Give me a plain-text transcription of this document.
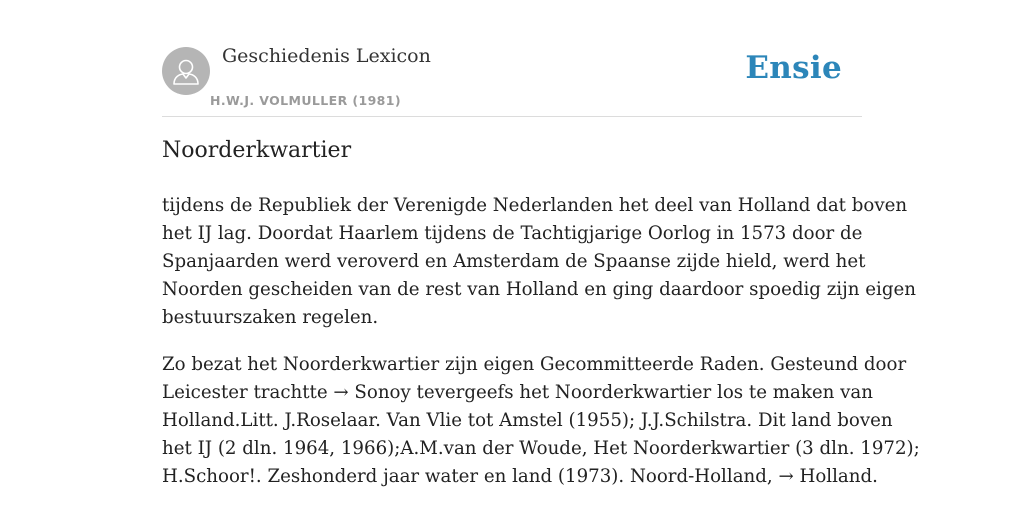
Geschiedenis Lexicon
H.W.J. VOLMULLER (1981)
Ensie
Noorderkwartier

tijdens de Republiek der Verenigde Nederlanden het deel van Holland dat boven
het IJ lag. Doordat Haarlem tijdens de Tachtigjarige Oorlog in 1573 door de
Spanjaarden werd veroverd en Amsterdam de Spaanse zijde hield, werd het
Noorden gescheiden van de rest van Holland en ging daardoor spoedig zijn eigen
bestuurszaken regelen.

Zo bezat het Noorderkwartier zijn eigen Gecommitteerde Raden. Gesteund door
Leicester trachtte → Sonoy tevergeefs het Noorderkwartier los te maken van
Holland.Litt. J.Roselaar. Van Vlie tot Amstel (1955); J.J.Schilstra. Dit land boven
het IJ (2 dln. 1964, 1966);A.M.van der Woude, Het Noorderkwartier (3 dln. 1972);
H.Schoor!. Zeshonderd jaar water en land (1973). Noord-Holland, → Holland.
